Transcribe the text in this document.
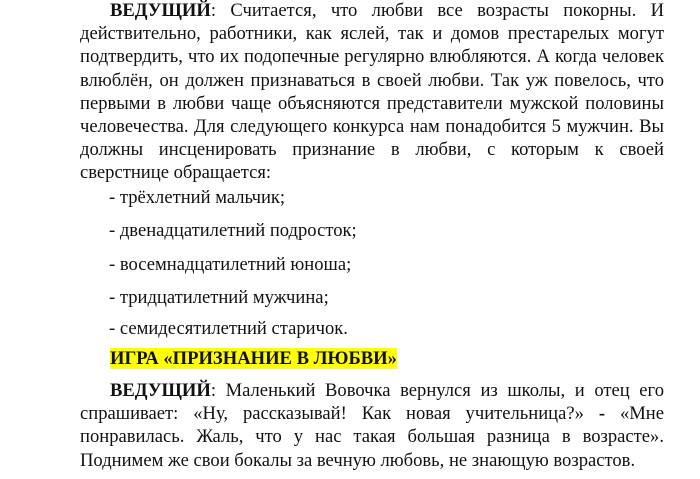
ВЕДУЩИЙ: Считается, что любви все возрасты покорны. И действительно, работники, как яслей, так и домов престарелых могут подтвердить, что их подопечные регулярно влюбляются. А когда человек влюблён, он должен признаваться в своей любви. Так уж повелось, что первыми в любви чаще объясняются представители мужской половины человечества. Для следующего конкурса нам понадобится 5 мужчин. Вы должны инсценировать признание в любви, с которым к своей сверстнице обращается:

- трёхлетний мальчик;
- двенадцатилетний подросток;
- восемнадцатилетний юноша;
- тридцатилетний мужчина;
- семидесятилетний старичок.
ИГРА «ПРИЗНАНИЕ В ЛЮБВИ»

ВЕДУЩИЙ: Маленький Вовочка вернулся из школы, и отец его спрашивает: «Ну, рассказывай! Как новая учительница?» - «Мне понравилась. Жаль, что у нас такая большая разница в возрасте». Поднимем же свои бокалы за вечную любовь, не знающую возрастов.
